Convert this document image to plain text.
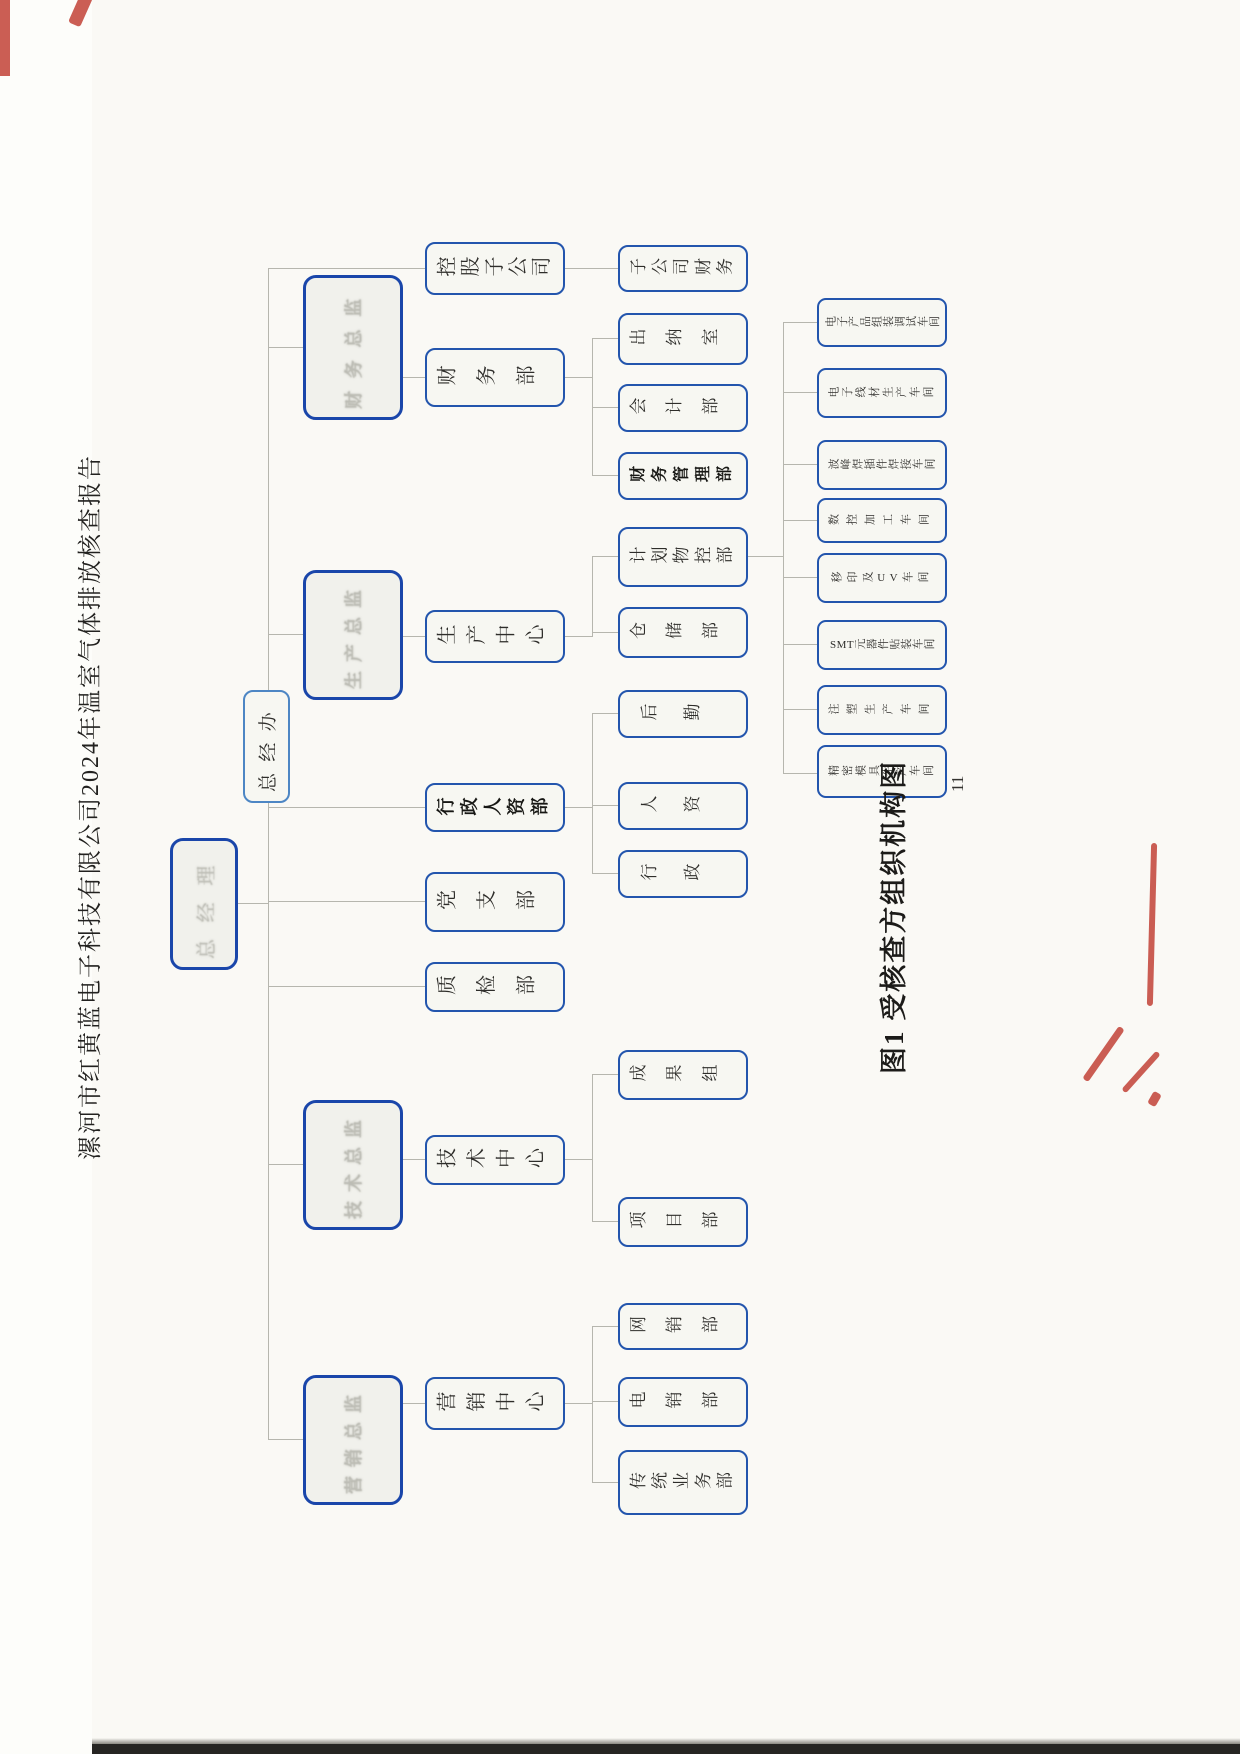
漯河市红黄蓝电子科技有限公司2024年温室气体排放核查报告	总经理
总经办
财务总监
生产总监
技术总监
营销总监
控股子公司
财务部
生产中心
行政人资部
党支部
质检部
技术中心
营销中心
子公司财务
出纳室
会计部
财务管理部
计划物控部
仓储部
后勤
人资
行政
成果组
项目部
网销部
电销部
传统业务部
电子产品组装调试车间
电子线材生产车间
波峰焊插件焊接车间
数控加工车间
移印及UV车间
SMT元器件贴装车间
注塑生产车间
精密模具生产车间
图1 受核查方组织机构图 11
